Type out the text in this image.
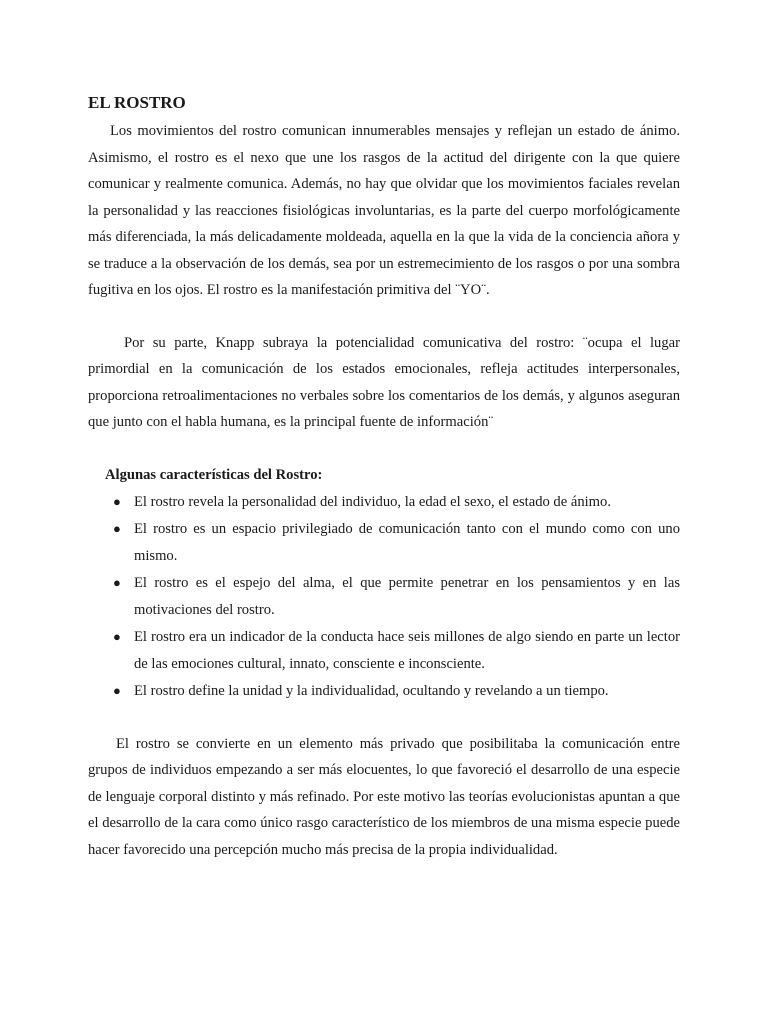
EL ROSTRO

Los movimientos del rostro comunican innumerables mensajes y reflejan un estado de ánimo. Asimismo, el rostro es el nexo que une los rasgos de la actitud del dirigente con la que quiere comunicar y realmente comunica. Además, no hay que olvidar que los movimientos faciales revelan la personalidad y las reacciones fisiológicas involuntarias, es la parte del cuerpo morfológicamente más diferenciada, la más delicadamente moldeada, aquella en la que la vida de la conciencia añora y se traduce a la observación de los demás, sea por un estremecimiento de los rasgos o por una sombra fugitiva en los ojos. El rostro es la manifestación primitiva del ¨YO¨.

Por su parte, Knapp subraya la potencialidad comunicativa del rostro: ¨ocupa el lugar primordial en la comunicación de los estados emocionales, refleja actitudes interpersonales, proporciona retroalimentaciones no verbales sobre los comentarios de los demás, y algunos aseguran que junto con el habla humana, es la principal fuente de información¨

Algunas características del Rostro:
● El rostro revela la personalidad del individuo, la edad el sexo, el estado de ánimo.
● El rostro es un espacio privilegiado de comunicación tanto con el mundo como con uno mismo.
● El rostro es el espejo del alma, el que permite penetrar en los pensamientos y en las motivaciones del rostro.
● El rostro era un indicador de la conducta hace seis millones de algo siendo en parte un lector de las emociones cultural, innato, consciente e inconsciente.
● El rostro define la unidad y la individualidad, ocultando y revelando a un tiempo.

El rostro se convierte en un elemento más privado que posibilitaba la comunicación entre grupos de individuos empezando a ser más elocuentes, lo que favoreció el desarrollo de una especie de lenguaje corporal distinto y más refinado. Por este motivo las teorías evolucionistas apuntan a que el desarrollo de la cara como único rasgo característico de los miembros de una misma especie puede hacer favorecido una percepción mucho más precisa de la propia individualidad.
